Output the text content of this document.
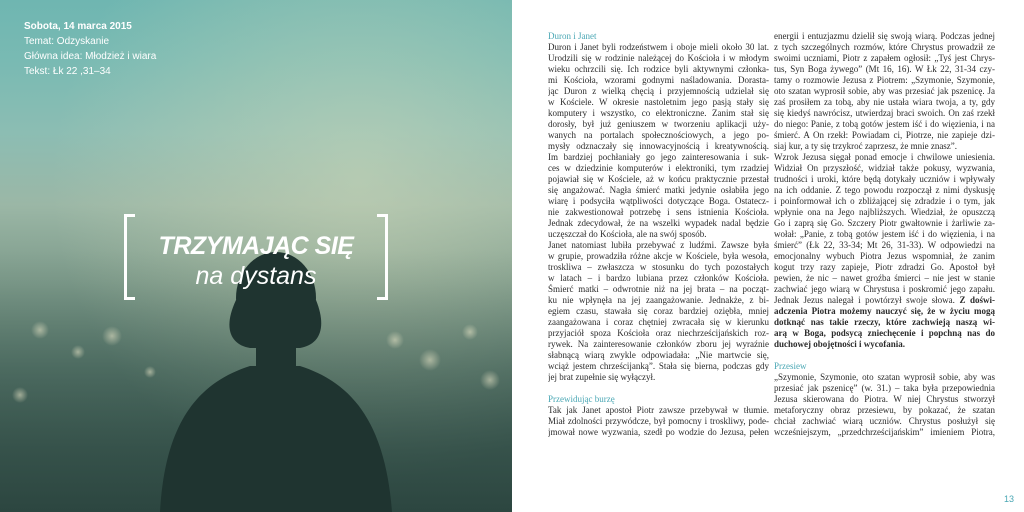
Sobota, 14 marca 2015
Temat: Odzyskanie
Główna idea: Młodzież i wiara
Tekst: Łk 22 ,31–34
TRZYMAJĄC SIĘ
na dystans
Duron i Janet
Duron i Janet byli rodzeństwem i oboje mieli około 30 lat.
Urodzili się w rodzinie należącej do Kościoła i w młodym
wieku ochrzcili się. Ich rodzice byli aktywnymi członka-
mi Kościoła, wzorami godnymi naśladowania. Dorasta-
jąc Duron z wielką chęcią i przyjemnością udzielał się
w Kościele. W okresie nastoletnim jego pasją stały się
komputery i wszystko, co elektroniczne. Zanim stał się
dorosły, był już geniuszem w tworzeniu aplikacji uży-
wanych na portalach społecznościowych, a jego po-
mysły odznaczały się innowacyjnością i kreatywnością.
Im bardziej pochłaniały go jego zainteresowania i suk-
ces w dziedzinie komputerów i elektroniki, tym rzadziej
pojawiał się w Kościele, aż w końcu praktycznie przestał
się angażować. Nagła śmierć matki jedynie osłabiła jego
wiarę i podsyciła wątpliwości dotyczące Boga. Ostatecz-
nie zakwestionował potrzebę i sens istnienia Kościoła.
Jednak zdecydował, że na wszelki wypadek nadal będzie
uczęszczał do Kościoła, ale na swój sposób.
Janet natomiast lubiła przebywać z ludźmi. Zawsze była
w grupie, prowadziła różne akcje w Kościele, była wesoła,
troskliwa – zwłaszcza w stosunku do tych pozostałych
w latach – i bardzo lubiana przez członków Kościoła.
Śmierć matki – odwrotnie niż na jej brata – na począt-
ku nie wpłynęła na jej zaangażowanie. Jednakże, z bi-
egiem czasu, stawała się coraz bardziej oziębła, mniej
zaangażowana i coraz chętniej zwracała się w kierunku
przyjaciół spoza Kościoła oraz niechrześcijańskich roz-
rywek. Na zainteresowanie członków zboru jej wyraźnie
słabnącą wiarą zwykle odpowiadała: „Nie martwcie się,
wciąż jestem chrześcijanką”. Stała się bierna, podczas gdy
jej brat zupełnie się wyłączył.
Przewidując burzę
Tak jak Janet apostoł Piotr zawsze przebywał w tłumie.
Miał zdolności przywódcze, był pomocny i troskliwy, pode-
jmował nowe wyzwania, szedł po wodzie do Jezusa, pełen
energii i entuzjazmu dzielił się swoją wiarą. Podczas jednej
z tych szczególnych rozmów, które Chrystus prowadził ze
swoimi uczniami, Piotr z zapałem ogłosił: „Tyś jest Chrys-
tus, Syn Boga żywego” (Mt 16, 16). W Łk 22, 31-34 czy-
tamy o rozmowie Jezusa z Piotrem: „Szymonie, Szymonie,
oto szatan wyprosił sobie, aby was przesiać jak pszenicę. Ja
zaś prosiłem za tobą, aby nie ustała wiara twoja, a ty, gdy
się kiedyś nawrócisz, utwierdzaj braci swoich. On zaś rzekł
do niego: Panie, z tobą gotów jestem iść i do więzienia, i na
śmierć. A On rzekł: Powiadam ci, Piotrze, nie zapieje dzi-
siaj kur, a ty się trzykroć zaprzesz, że mnie znasz”.
Wzrok Jezusa sięgał ponad emocje i chwilowe uniesienia.
Widział On przyszłość, widział także pokusy, wyzwania,
trudności i uroki, które będą dotykały uczniów i wpływały
na ich oddanie. Z tego powodu rozpoczął z nimi dyskusję
i poinformował ich o zbliżającej się zdradzie i o tym, jak
wpłynie ona na Jego najbliższych. Wiedział, że opuszczą
Go i zaprą się Go. Szczery Piotr gwałtownie i żarliwie za-
wołał: „Panie, z tobą gotów jestem iść i do więzienia, i na
śmierć” (Łk 22, 33-34; Mt 26, 31-33). W odpowiedzi na
emocjonalny wybuch Piotra Jezus wspomniał, że zanim
kogut trzy razy zapieje, Piotr zdradzi Go. Apostoł był
pewien, że nic – nawet groźba śmierci – nie jest w stanie
zachwiać jego wiarą w Chrystusa i poskromić jego zapału.
Jednak Jezus nalegał i powtórzył swoje słowa. Z doświ-
adczenia Piotra możemy nauczyć się, że w życiu mogą
dotknąć nas takie rzeczy, które zachwieją naszą wi-
arą w Boga, podsycą zniechęcenie i popchną nas do
duchowej obojętności i wycofania.
Przesiew
„Szymonie, Szymonie, oto szatan wyprosił sobie, aby was
przesiać jak pszenicę” (w. 31.) – taka była przepowiednia
Jezusa skierowana do Piotra. W niej Chrystus stworzył
metaforyczny obraz przesiewu, by pokazać, że szatan
chciał zachwiać wiarą uczniów. Chrystus posłużył się
wcześniejszym, „przedchrześcijańskim” imieniem Piotra,
13
